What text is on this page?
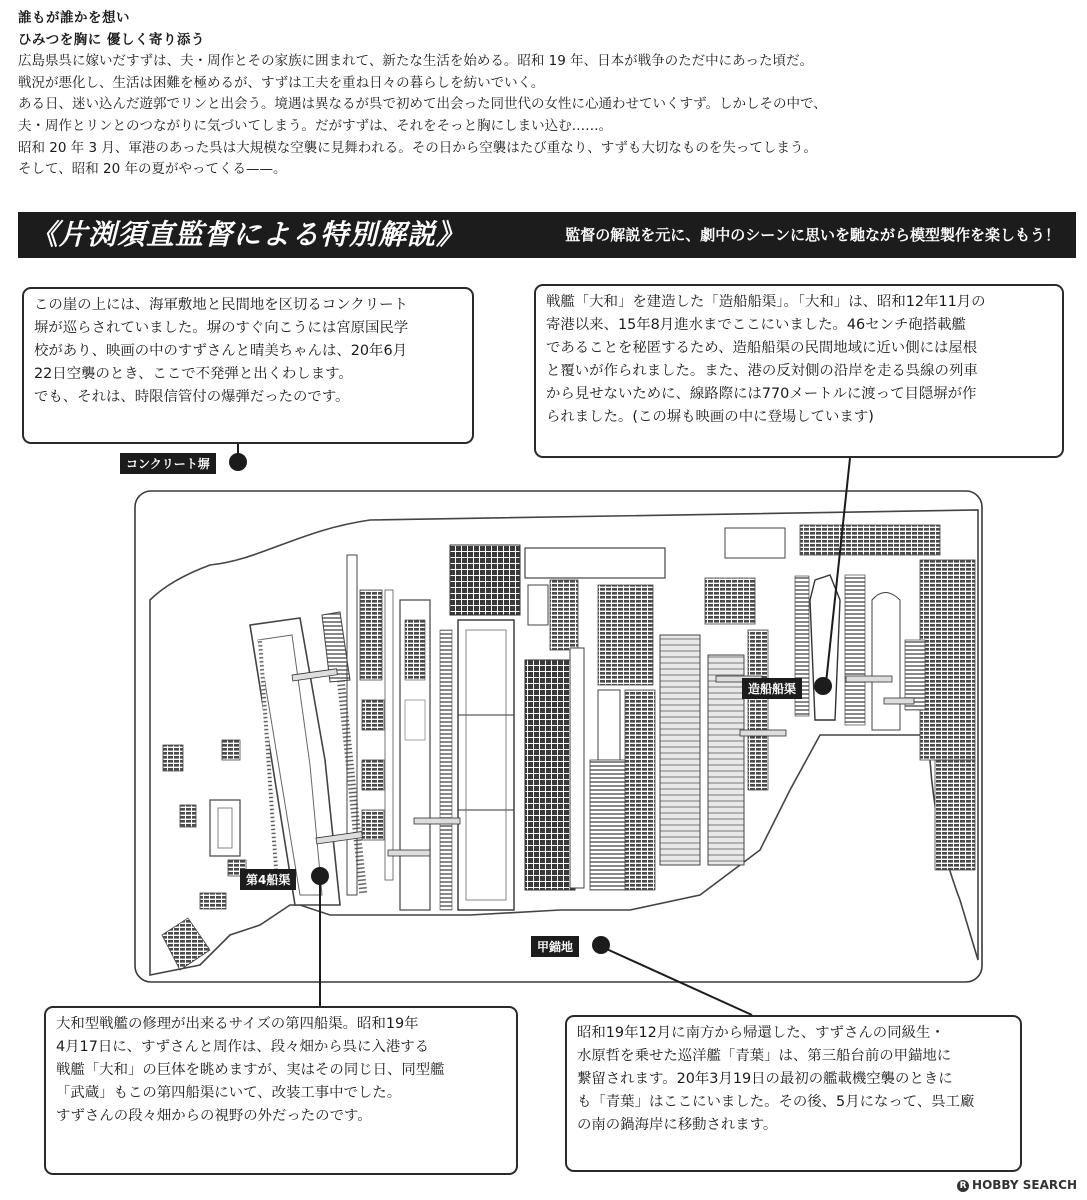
誰もが誰かを想い
ひみつを胸に 優しく寄り添う
広島県呉に嫁いだすずは、夫・周作とその家族に囲まれて、新たな生活を始める。昭和 19 年、日本が戦争のただ中にあった頃だ。
戦況が悪化し、生活は困難を極めるが、すずは工夫を重ね日々の暮らしを紡いでいく。
ある日、迷い込んだ遊郭でリンと出会う。境遇は異なるが呉で初めて出会った同世代の女性に心通わせていくすず。しかしその中で、
夫・周作とリンとのつながりに気づいてしまう。だがすずは、それをそっと胸にしまい込む……。
昭和 20 年 3 月、軍港のあった呉は大規模な空襲に見舞われる。その日から空襲はたび重なり、すずも大切なものを失ってしまう。
そして、昭和 20 年の夏がやってくる——。
《片渕須直監督による特別解説》	監督の解説を元に、劇中のシーンに思いを馳ながら模型製作を楽しもう！
この崖の上には、海軍敷地と民間地を区切るコンクリート
塀が巡らされていました。塀のすぐ向こうには宮原国民学
校があり、映画の中のすずさんと晴美ちゃんは、20年6月
22日空襲のとき、ここで不発弾と出くわします。
でも、それは、時限信管付の爆弾だったのです。
戦艦「大和」を建造した「造船船渠」。「大和」は、昭和12年11月の
寄港以来、15年8月進水までここにいました。46センチ砲搭載艦
であることを秘匿するため、造船船渠の民間地域に近い側には屋根
と覆いが作られました。また、港の反対側の沿岸を走る呉線の列車
から見せないために、線路際には770メートルに渡って目隠塀が作
られました。(この塀も映画の中に登場しています)
大和型戦艦の修理が出来るサイズの第四船渠。昭和19年
4月17日に、すずさんと周作は、段々畑から呉に入港する
戦艦「大和」の巨体を眺めますが、実はその同じ日、同型艦
「武蔵」もこの第四船渠にいて、改装工事中でした。
すずさんの段々畑からの視野の外だったのです。
昭和19年12月に南方から帰還した、すずさんの同級生・
水原哲を乗せた巡洋艦「青葉」は、第三船台前の甲錨地に
繋留されます。20年3月19日の最初の艦載機空襲のときに
も「青葉」はここにいました。その後、5月になって、呉工廠
の南の鍋海岸に移動されます。
コンクリート塀
造船船渠
第4船渠
甲錨地
R HOBBY SEARCH
